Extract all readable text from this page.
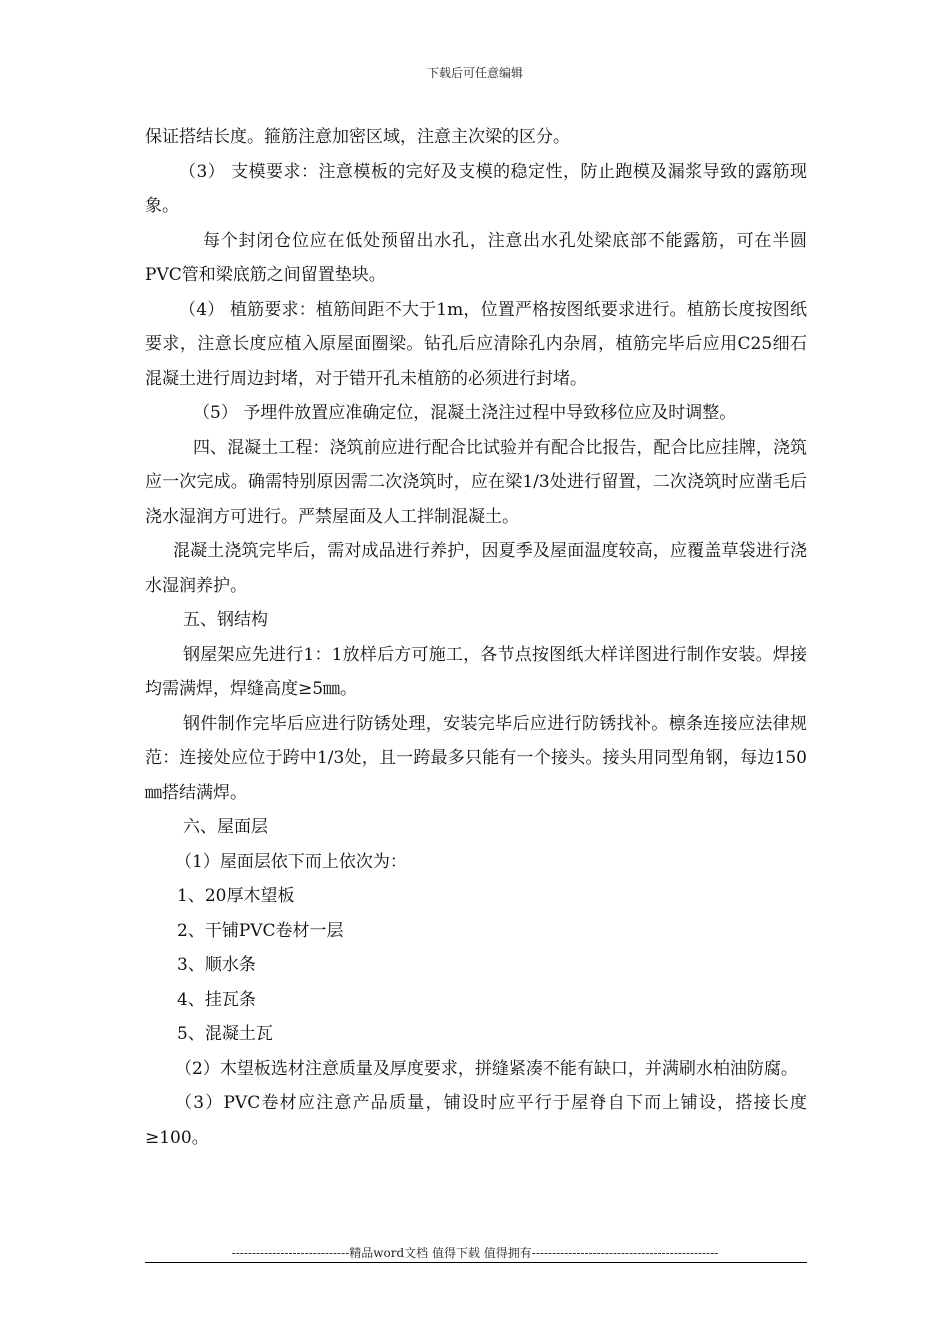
下载后可任意编辑

保证搭结长度。箍筋注意加密区域，注意主次梁的区分。

（3） 支模要求：注意模板的完好及支模的稳定性，防止跑模及漏浆导致的露筋现象。

每个封闭仓位应在低处预留出水孔，注意出水孔处梁底部不能露筋，可在半圆PVC管和梁底筋之间留置垫块。

（4） 植筋要求：植筋间距不大于1m，位置严格按图纸要求进行。植筋长度按图纸要求，注意长度应植入原屋面圈梁。钻孔后应清除孔内杂屑，植筋完毕后应用C25细石混凝土进行周边封堵，对于错开孔未植筋的必须进行封堵。

（5） 予埋件放置应准确定位，混凝土浇注过程中导致移位应及时调整。

四、混凝土工程：浇筑前应进行配合比试验并有配合比报告，配合比应挂牌，浇筑应一次完成。确需特别原因需二次浇筑时，应在梁1/3处进行留置，二次浇筑时应凿毛后浇水湿润方可进行。严禁屋面及人工拌制混凝土。

混凝土浇筑完毕后，需对成品进行养护，因夏季及屋面温度较高，应覆盖草袋进行浇水湿润养护。

五、钢结构

钢屋架应先进行1：1放样后方可施工，各节点按图纸大样详图进行制作安装。焊接均需满焊，焊缝高度≥5㎜。

钢件制作完毕后应进行防锈处理，安装完毕后应进行防锈找补。檩条连接应法律规范：连接处应位于跨中1/3处，且一跨最多只能有一个接头。接头用同型角钢，每边150㎜搭结满焊。

六、屋面层

（1）屋面层依下而上依次为：

1、20厚木望板

2、干铺PVC卷材一层

3、顺水条

4、挂瓦条

5、混凝土瓦

（2）木望板选材注意质量及厚度要求，拼缝紧凑不能有缺口，并满刷水柏油防腐。

（3）PVC卷材应注意产品质量，铺设时应平行于屋脊自下而上铺设，搭接长度≥100。

-----------------------------精品word文档 值得下载 值得拥有----------------------------------------------
